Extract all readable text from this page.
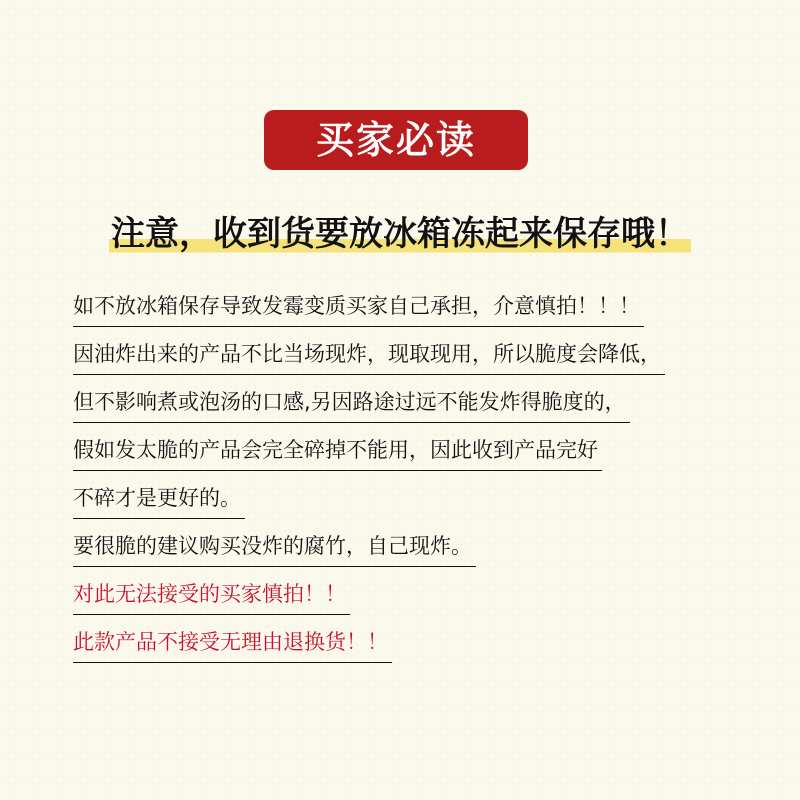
买家必读
注意，收到货要放冰箱冻起来保存哦！
如不放冰箱保存导致发霉变质买家自己承担，介意慎拍！！！
因油炸出来的产品不比当场现炸，现取现用，所以脆度会降低，
但不影响煮或泡汤的口感,另因路途过远不能发炸得脆度的，
假如发太脆的产品会完全碎掉不能用，因此收到产品完好
不碎才是更好的。
要很脆的建议购买没炸的腐竹，自己现炸。
对此无法接受的买家慎拍！！
此款产品不接受无理由退换货！！
